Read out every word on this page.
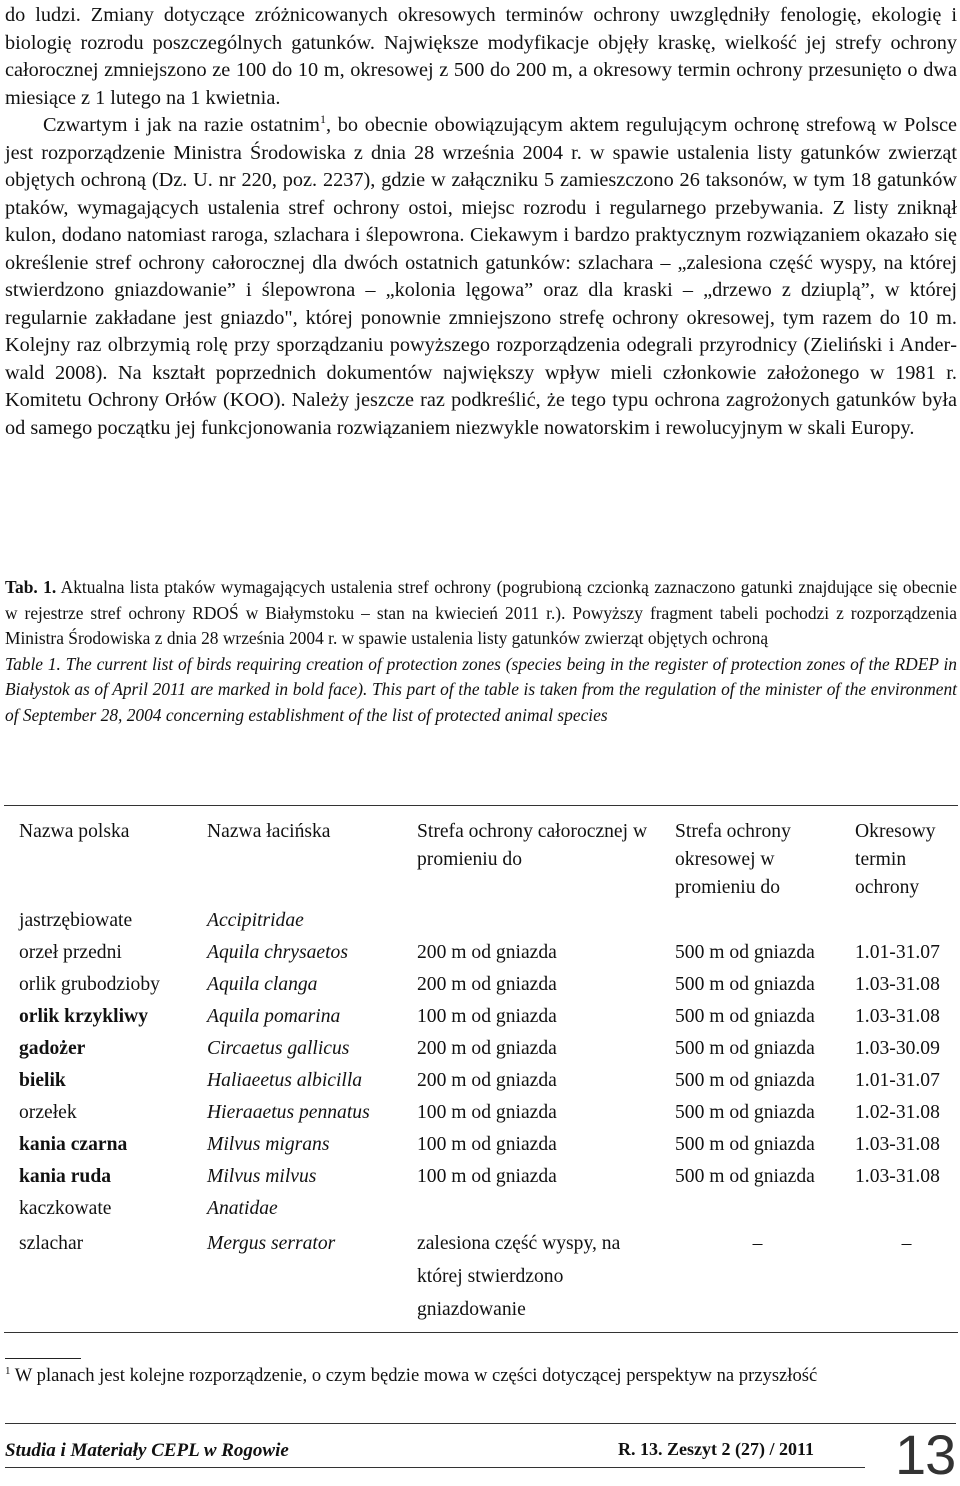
do ludzi. Zmiany dotyczące zróżnicowanych okresowych terminów ochrony uwzględniły fenologię, ekologię i biologię rozrodu poszczególnych gatunków. Największe modyfikacje objęły kraskę, wielkość jej strefy ochrony całorocznej zmniejszono ze 100 do 10 m, okresowej z 500 do 200 m, a okresowy termin ochrony przesunięto o dwa miesiące z 1 lutego na 1 kwietnia.

Czwartym i jak na razie ostatnim$^1$, bo obecnie obowiązującym aktem regulującym ochronę strefową w Polsce jest rozporządzenie Ministra Środowiska z dnia 28 września 2004 r. w spawie ustalenia listy gatunków zwierząt objętych ochroną (Dz. U. nr 220, poz. 2237), gdzie w załączniku 5 zamieszczono 26 taksonów, w tym 18 gatunków ptaków, wymagających ustalenia stref ochrony ostoi, miejsc rozrodu i regularnego przebywania. Z listy zniknął kulon, dodano natomiast raroga, szlachara i ślepowrona. Ciekawym i bardzo praktycznym rozwiązaniem okazało się określenie stref ochrony całorocznej dla dwóch ostatnich gatunków: szlachara – „zalesiona część wyspy, na której stwierdzono gniazdowanie” i ślepowrona – „kolonia lęgowa” oraz dla kraski – „drzewo z dziuplą”, w której regularnie zakładane jest gniazdo", której ponownie zmniejszono strefę ochrony okresowej, tym razem do 10 m. Kolejny raz olbrzymią rolę przy sporządzaniu powyższego rozporządzenia odegrali przyrodnicy (Zieliński i Anderwald 2008). Na kształt poprzednich dokumentów największy wpływ mieli członkowie założonego w 1981 r. Komitetu Ochrony Orłów (KOO). Należy jeszcze raz podkreślić, że tego typu ochrona zagrożonych gatunków była od samego początku jej funkcjonowania rozwiązaniem niezwykle nowatorskim i rewolucyjnym w skali Europy.

Tab. 1. Aktualna lista ptaków wymagających ustalenia stref ochrony (pogrubioną czcionką zaznaczono gatunki znajdujące się obecnie w rejestrze stref ochrony RDOŚ w Białymstoku – stan na kwiecień 2011 r.). Powyższy fragment tabeli pochodzi z rozporządzenia Ministra Środowiska z dnia 28 września 2004 r. w spawie ustalenia listy gatunków zwierząt objętych ochroną

Table 1. The current list of birds requiring creation of protection zones (species being in the register of protection zones of the RDEP in Białystok as of April 2011 are marked in bold face). This part of the table is taken from the regulation of the minister of the environment of September 28, 2004 concerning establishment of the list of protected animal species

Nazwa polska	Nazwa łacińska	Strefa ochrony całorocznej w promieniu do	Strefa ochrony okresowej w promieniu do	Okresowy termin ochrony
jastrzębiowate	Accipitridae			
orzeł przedni	Aquila chrysaetos	200 m od gniazda	500 m od gniazda	1.01-31.07
orlik grubodzioby	Aquila clanga	200 m od gniazda	500 m od gniazda	1.03-31.08
orlik krzykliwy	Aquila pomarina	100 m od gniazda	500 m od gniazda	1.03-31.08
gadożer	Circaetus gallicus	200 m od gniazda	500 m od gniazda	1.03-30.09
bielik	Haliaeetus albicilla	200 m od gniazda	500 m od gniazda	1.01-31.07
orzełek	Hieraaetus pennatus	100 m od gniazda	500 m od gniazda	1.02-31.08
kania czarna	Milvus migrans	100 m od gniazda	500 m od gniazda	1.03-31.08
kania ruda	Milvus milvus	100 m od gniazda	500 m od gniazda	1.03-31.08
kaczkowate	Anatidae			
szlachar	Mergus serrator	zalesiona część wyspy, na której stwierdzono gniazdowanie	–	–

$^1$ W planach jest kolejne rozporządzenie, o czym będzie mowa w części dotyczącej perspektyw na przyszłość

Studia i Materiały CEPL w Rogowie	R. 13. Zeszyt 2 (27) / 2011 13
